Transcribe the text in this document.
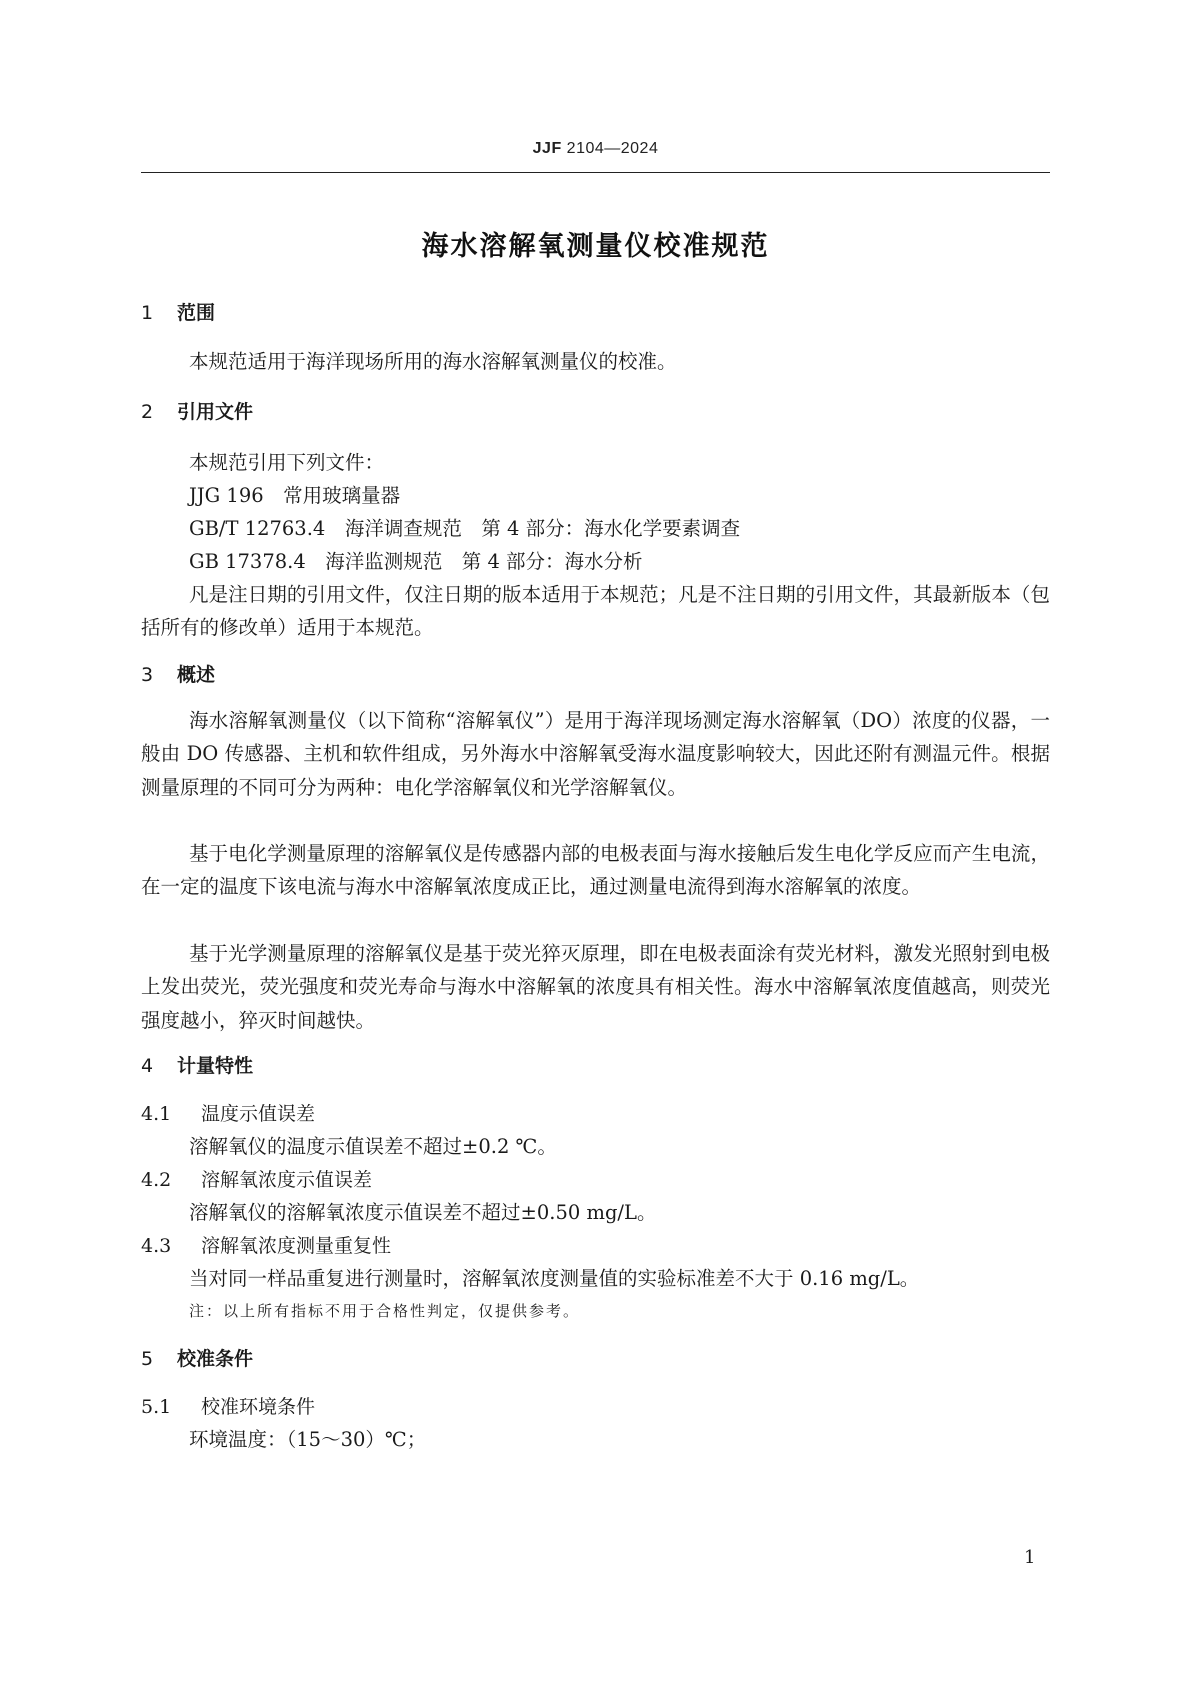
JJF 2104—2024
海水溶解氧测量仪校准规范
1 范围
本规范适用于海洋现场所用的海水溶解氧测量仪的校准。
2 引用文件
本规范引用下列文件：
JJG 196　常用玻璃量器
GB/T 12763.4　海洋调查规范　第 4 部分：海水化学要素调查
GB 17378.4　海洋监测规范　第 4 部分：海水分析
凡是注日期的引用文件，仅注日期的版本适用于本规范；凡是不注日期的引用文件，其最新版本（包括所有的修改单）适用于本规范。
3 概述
海水溶解氧测量仪（以下简称“溶解氧仪”）是用于海洋现场测定海水溶解氧（DO）浓度的仪器，一般由 DO 传感器、主机和软件组成，另外海水中溶解氧受海水温度影响较大，因此还附有测温元件。根据测量原理的不同可分为两种：电化学溶解氧仪和光学溶解氧仪。
基于电化学测量原理的溶解氧仪是传感器内部的电极表面与海水接触后发生电化学反应而产生电流，在一定的温度下该电流与海水中溶解氧浓度成正比，通过测量电流得到海水溶解氧的浓度。
基于光学测量原理的溶解氧仪是基于荧光猝灭原理，即在电极表面涂有荧光材料，激发光照射到电极上发出荧光，荧光强度和荧光寿命与海水中溶解氧的浓度具有相关性。海水中溶解氧浓度值越高，则荧光强度越小，猝灭时间越快。
4 计量特性
4.1 温度示值误差
溶解氧仪的温度示值误差不超过±0.2 ℃。
4.2 溶解氧浓度示值误差
溶解氧仪的溶解氧浓度示值误差不超过±0.50 mg/L。
4.3 溶解氧浓度测量重复性
当对同一样品重复进行测量时，溶解氧浓度测量值的实验标准差不大于 0.16 mg/L。
注：以上所有指标不用于合格性判定，仅提供参考。
5 校准条件
5.1 校准环境条件
环境温度：（15～30）℃；
1
